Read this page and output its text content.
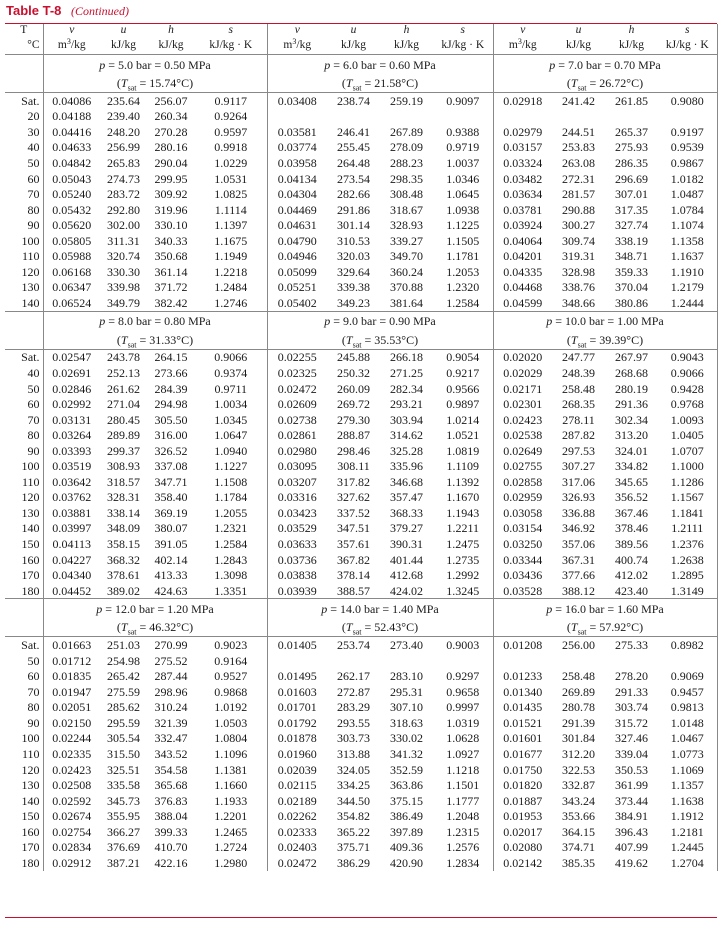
Table T-8 (Continued)
T	v	u	h	s	v	u	h	s	v	u	h	s
°C	$m^3/kg$	kJ/kg	kJ/kg	kJ/kg · K	$m^3/kg$	kJ/kg	kJ/kg	kJ/kg · K	$m^3/kg$	kJ/kg	kJ/kg	kJ/kg · K
	p = 5.0 bar = 0.50 MPa				p = 6.0 bar = 0.60 MPa				p = 7.0 bar = 0.70 MPa			
	$(T_{sat} = 15.74^\circ C)$				$(T_{sat} = 21.58^\circ C)$				$(T_{sat} = 26.72^\circ C)$			
Sat.	0.04086	235.64	256.07	0.9117	0.03408	238.74	259.19	0.9097	0.02918	241.42	261.85	0.9080
20	0.04188	239.40	260.34	0.9264								
30	0.04416	248.20	270.28	0.9597	0.03581	246.41	267.89	0.9388	0.02979	244.51	265.37	0.9197
40	0.04633	256.99	280.16	0.9918	0.03774	255.45	278.09	0.9719	0.03157	253.83	275.93	0.9539
50	0.04842	265.83	290.04	1.0229	0.03958	264.48	288.23	1.0037	0.03324	263.08	286.35	0.9867
60	0.05043	274.73	299.95	1.0531	0.04134	273.54	298.35	1.0346	0.03482	272.31	296.69	1.0182
70	0.05240	283.72	309.92	1.0825	0.04304	282.66	308.48	1.0645	0.03634	281.57	307.01	1.0487
80	0.05432	292.80	319.96	1.1114	0.04469	291.86	318.67	1.0938	0.03781	290.88	317.35	1.0784
90	0.05620	302.00	330.10	1.1397	0.04631	301.14	328.93	1.1225	0.03924	300.27	327.74	1.1074
100	0.05805	311.31	340.33	1.1675	0.04790	310.53	339.27	1.1505	0.04064	309.74	338.19	1.1358
110	0.05988	320.74	350.68	1.1949	0.04946	320.03	349.70	1.1781	0.04201	319.31	348.71	1.1637
120	0.06168	330.30	361.14	1.2218	0.05099	329.64	360.24	1.2053	0.04335	328.98	359.33	1.1910
130	0.06347	339.98	371.72	1.2484	0.05251	339.38	370.88	1.2320	0.04468	338.76	370.04	1.2179
140	0.06524	349.79	382.42	1.2746	0.05402	349.23	381.64	1.2584	0.04599	348.66	380.86	1.2444
	p = 8.0 bar = 0.80 MPa				p = 9.0 bar = 0.90 MPa				p = 10.0 bar = 1.00 MPa			
	$(T_{sat} = 31.33^\circ C)$				$(T_{sat} = 35.53^\circ C)$				$(T_{sat} = 39.39^\circ C)$			
Sat.	0.02547	243.78	264.15	0.9066	0.02255	245.88	266.18	0.9054	0.02020	247.77	267.97	0.9043
40	0.02691	252.13	273.66	0.9374	0.02325	250.32	271.25	0.9217	0.02029	248.39	268.68	0.9066
50	0.02846	261.62	284.39	0.9711	0.02472	260.09	282.34	0.9566	0.02171	258.48	280.19	0.9428
60	0.02992	271.04	294.98	1.0034	0.02609	269.72	293.21	0.9897	0.02301	268.35	291.36	0.9768
70	0.03131	280.45	305.50	1.0345	0.02738	279.30	303.94	1.0214	0.02423	278.11	302.34	1.0093
80	0.03264	289.89	316.00	1.0647	0.02861	288.87	314.62	1.0521	0.02538	287.82	313.20	1.0405
90	0.03393	299.37	326.52	1.0940	0.02980	298.46	325.28	1.0819	0.02649	297.53	324.01	1.0707
100	0.03519	308.93	337.08	1.1227	0.03095	308.11	335.96	1.1109	0.02755	307.27	334.82	1.1000
110	0.03642	318.57	347.71	1.1508	0.03207	317.82	346.68	1.1392	0.02858	317.06	345.65	1.1286
120	0.03762	328.31	358.40	1.1784	0.03316	327.62	357.47	1.1670	0.02959	326.93	356.52	1.1567
130	0.03881	338.14	369.19	1.2055	0.03423	337.52	368.33	1.1943	0.03058	336.88	367.46	1.1841
140	0.03997	348.09	380.07	1.2321	0.03529	347.51	379.27	1.2211	0.03154	346.92	378.46	1.2111
150	0.04113	358.15	391.05	1.2584	0.03633	357.61	390.31	1.2475	0.03250	357.06	389.56	1.2376
160	0.04227	368.32	402.14	1.2843	0.03736	367.82	401.44	1.2735	0.03344	367.31	400.74	1.2638
170	0.04340	378.61	413.33	1.3098	0.03838	378.14	412.68	1.2992	0.03436	377.66	412.02	1.2895
180	0.04452	389.02	424.63	1.3351	0.03939	388.57	424.02	1.3245	0.03528	388.12	423.40	1.3149
	p = 12.0 bar = 1.20 MPa				p = 14.0 bar = 1.40 MPa				p = 16.0 bar = 1.60 MPa			
	$(T_{sat} = 46.32^\circ C)$				$(T_{sat} = 52.43^\circ C)$				$(T_{sat} = 57.92^\circ C)$			
Sat.	0.01663	251.03	270.99	0.9023	0.01405	253.74	273.40	0.9003	0.01208	256.00	275.33	0.8982
50	0.01712	254.98	275.52	0.9164								
60	0.01835	265.42	287.44	0.9527	0.01495	262.17	283.10	0.9297	0.01233	258.48	278.20	0.9069
70	0.01947	275.59	298.96	0.9868	0.01603	272.87	295.31	0.9658	0.01340	269.89	291.33	0.9457
80	0.02051	285.62	310.24	1.0192	0.01701	283.29	307.10	0.9997	0.01435	280.78	303.74	0.9813
90	0.02150	295.59	321.39	1.0503	0.01792	293.55	318.63	1.0319	0.01521	291.39	315.72	1.0148
100	0.02244	305.54	332.47	1.0804	0.01878	303.73	330.02	1.0628	0.01601	301.84	327.46	1.0467
110	0.02335	315.50	343.52	1.1096	0.01960	313.88	341.32	1.0927	0.01677	312.20	339.04	1.0773
120	0.02423	325.51	354.58	1.1381	0.02039	324.05	352.59	1.1218	0.01750	322.53	350.53	1.1069
130	0.02508	335.58	365.68	1.1660	0.02115	334.25	363.86	1.1501	0.01820	332.87	361.99	1.1357
140	0.02592	345.73	376.83	1.1933	0.02189	344.50	375.15	1.1777	0.01887	343.24	373.44	1.1638
150	0.02674	355.95	388.04	1.2201	0.02262	354.82	386.49	1.2048	0.01953	353.66	384.91	1.1912
160	0.02754	366.27	399.33	1.2465	0.02333	365.22	397.89	1.2315	0.02017	364.15	396.43	1.2181
170	0.02834	376.69	410.70	1.2724	0.02403	375.71	409.36	1.2576	0.02080	374.71	407.99	1.2445
180	0.02912	387.21	422.16	1.2980	0.02472	386.29	420.90	1.2834	0.02142	385.35	419.62	1.2704
